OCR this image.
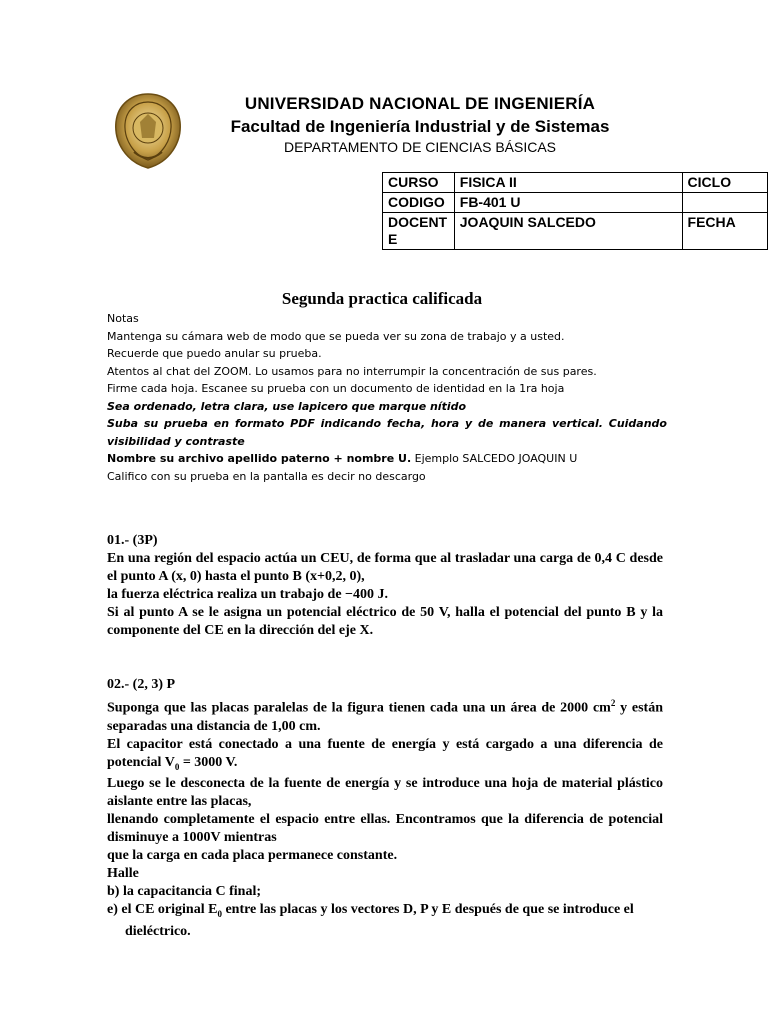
UNIVERSIDAD NACIONAL DE INGENIERÍA
Facultad de Ingeniería Industrial y de Sistemas
DEPARTAMENTO DE CIENCIAS BÁSICAS
CURSO	FISICA II	CICLO
CODIGO	FB-401 U	
DOCENTE	JOAQUIN SALCEDO	FECHA
Segunda practica calificada
Notas
Mantenga su cámara web de modo que se pueda ver su zona de trabajo y a usted.
Recuerde que puedo anular su prueba.
Atentos al chat del ZOOM. Lo usamos para no interrumpir la concentración de sus pares.
Firme cada hoja. Escanee su prueba con un documento de identidad en la 1ra hoja
Sea ordenado, letra clara, use lapicero que marque nítido
Suba su prueba en formato PDF indicando fecha, hora y de manera vertical. Cuidando visibilidad y contraste
Nombre su archivo apellido paterno + nombre U. Ejemplo SALCEDO JOAQUIN U
Califico con su prueba en la pantalla es decir no descargo
01.- (3P)
En una región del espacio actúa un CEU, de forma que al trasladar una carga de 0,4 C desde el punto A (x, 0) hasta el punto B (x+0,2, 0),
la fuerza eléctrica realiza un trabajo de −400 J.
Si al punto A se le asigna un potencial eléctrico de 50 V, halla el potencial del punto B y la componente del CE en la dirección del eje X.
02.- (2, 3) P
Suponga que las placas paralelas de la figura tienen cada una un área de 2000 $cm^2$ y están separadas una distancia de 1,00 cm.
El capacitor está conectado a una fuente de energía y está cargado a una diferencia de potencial $V_0 = 3000$ V.
Luego se le desconecta de la fuente de energía y se introduce una hoja de material plástico aislante entre las placas,
llenando completamente el espacio entre ellas. Encontramos que la diferencia de potencial disminuye a 1000V mientras
que la carga en cada placa permanece constante.
Halle
b) la capacitancia C final;
e) el CE original $E_0$ entre las placas y los vectores D, P y E después de que se introduce el dieléctrico.
